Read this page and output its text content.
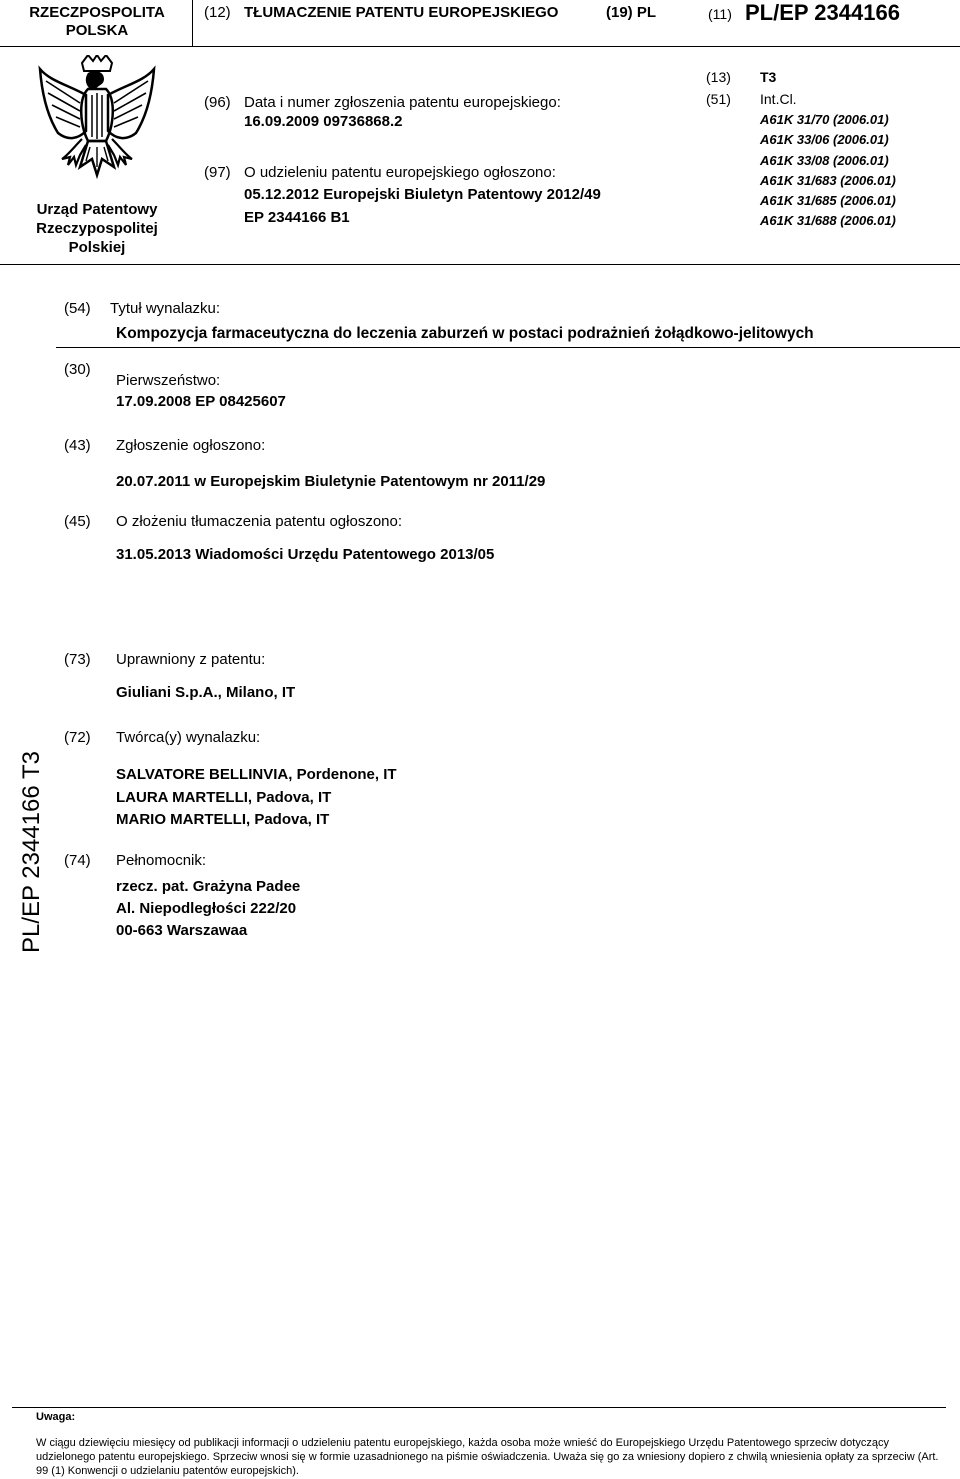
RZECZPOSPOLITA POLSKA
(12) TŁUMACZENIE PATENTU EUROPEJSKIEGO	(19) PL	(11) PL/EP 2344166
Urząd Patentowy Rzeczypospolitej Polskiej
(96) Data i numer zgłoszenia patentu europejskiego:
16.09.2009 09736868.2
(97) O udzieleniu patentu europejskiego ogłoszono:
05.12.2012 Europejski Biuletyn Patentowy 2012/49
EP 2344166 B1
(13) T3
(51) Int.Cl.
A61K 31/70 (2006.01)
A61K 33/06 (2006.01)
A61K 33/08 (2006.01)
A61K 31/683 (2006.01)
A61K 31/685 (2006.01)
A61K 31/688 (2006.01)
(54) Tytuł wynalazku:
Kompozycja farmaceutyczna do leczenia zaburzeń w postaci podrażnień żołądkowo-jelitowych
(30)
Pierwszeństwo:
17.09.2008 EP 08425607
(43) Zgłoszenie ogłoszono:
20.07.2011 w Europejskim Biuletynie Patentowym nr 2011/29
(45) O złożeniu tłumaczenia patentu ogłoszono:
31.05.2013 Wiadomości Urzędu Patentowego 2013/05
(73) Uprawniony z patentu:
Giuliani S.p.A., Milano, IT
(72) Twórca(y) wynalazku:
SALVATORE BELLINVIA, Pordenone, IT
LAURA MARTELLI, Padova, IT
MARIO MARTELLI, Padova, IT
(74) Pełnomocnik:
rzecz. pat. Grażyna Padee
Al. Niepodległości 222/20
00-663 Warszawaa
PL/EP 2344166 T3
Uwaga:
W ciągu dziewięciu miesięcy od publikacji informacji o udzieleniu patentu europejskiego, każda osoba może wnieść do Europejskiego Urzędu Patentowego sprzeciw dotyczący udzielonego patentu europejskiego. Sprzeciw wnosi się w formie uzasadnionego na piśmie oświadczenia. Uważa się go za wniesiony dopiero z chwilą wniesienia opłaty za sprzeciw (Art. 99 (1) Konwencji o udzielaniu patentów europejskich).
